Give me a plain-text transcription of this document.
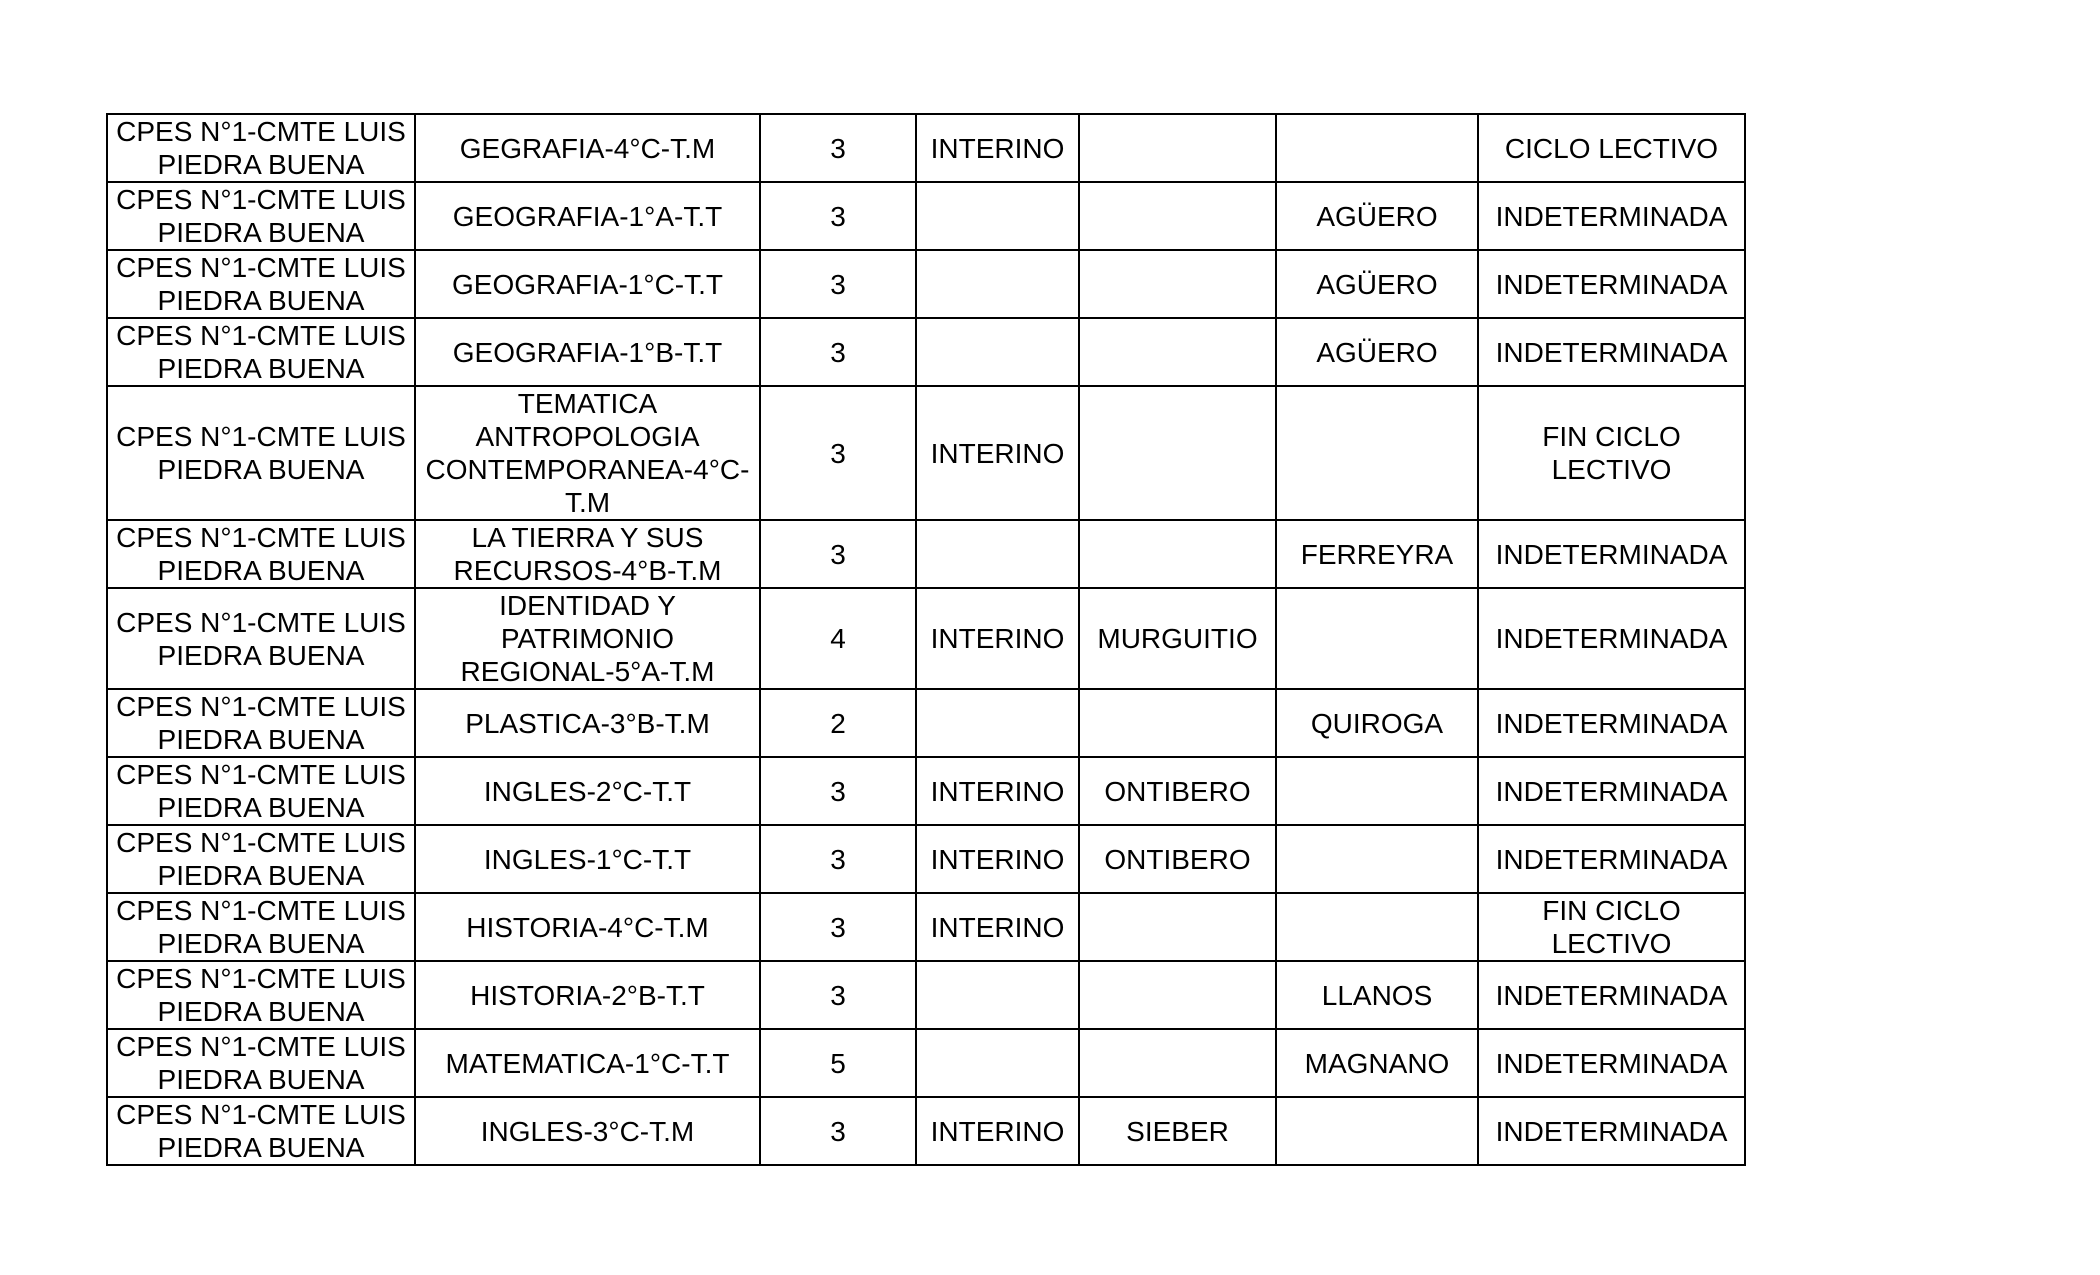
CPES N°1-CMTE LUIS PIEDRA BUENA	GEGRAFIA-4°C-T.M	3	INTERINO			CICLO LECTIVO
CPES N°1-CMTE LUIS PIEDRA BUENA	GEOGRAFIA-1°A-T.T	3			AGÜERO	INDETERMINADA
CPES N°1-CMTE LUIS PIEDRA BUENA	GEOGRAFIA-1°C-T.T	3			AGÜERO	INDETERMINADA
CPES N°1-CMTE LUIS PIEDRA BUENA	GEOGRAFIA-1°B-T.T	3			AGÜERO	INDETERMINADA
CPES N°1-CMTE LUIS PIEDRA BUENA	TEMATICA ANTROPOLOGIA CONTEMPORANEA-4°C-T.M	3	INTERINO			FIN CICLO LECTIVO
CPES N°1-CMTE LUIS PIEDRA BUENA	LA TIERRA Y SUS RECURSOS-4°B-T.M	3			FERREYRA	INDETERMINADA
CPES N°1-CMTE LUIS PIEDRA BUENA	IDENTIDAD Y PATRIMONIO REGIONAL-5°A-T.M	4	INTERINO	MURGUITIO		INDETERMINADA
CPES N°1-CMTE LUIS PIEDRA BUENA	PLASTICA-3°B-T.M	2			QUIROGA	INDETERMINADA
CPES N°1-CMTE LUIS PIEDRA BUENA	INGLES-2°C-T.T	3	INTERINO	ONTIBERO		INDETERMINADA
CPES N°1-CMTE LUIS PIEDRA BUENA	INGLES-1°C-T.T	3	INTERINO	ONTIBERO		INDETERMINADA
CPES N°1-CMTE LUIS PIEDRA BUENA	HISTORIA-4°C-T.M	3	INTERINO			FIN CICLO LECTIVO
CPES N°1-CMTE LUIS PIEDRA BUENA	HISTORIA-2°B-T.T	3			LLANOS	INDETERMINADA
CPES N°1-CMTE LUIS PIEDRA BUENA	MATEMATICA-1°C-T.T	5			MAGNANO	INDETERMINADA
CPES N°1-CMTE LUIS PIEDRA BUENA	INGLES-3°C-T.M	3	INTERINO	SIEBER		INDETERMINADA
